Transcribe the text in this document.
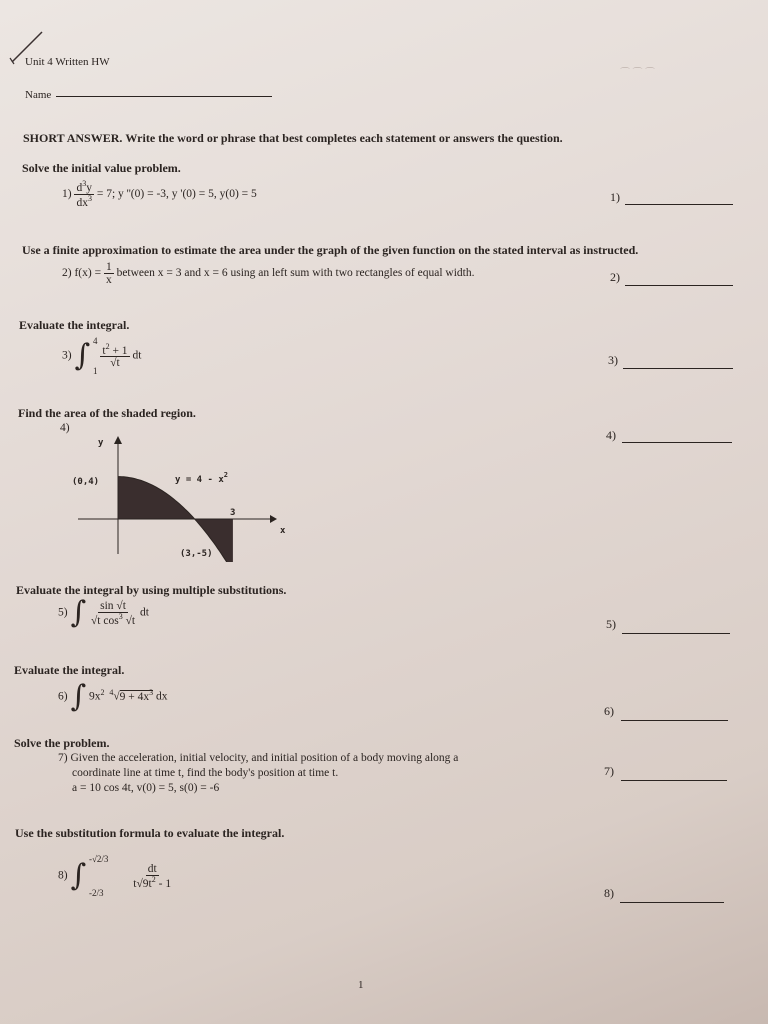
Unit 4 Written HW
Name
⌒ ⌒ ⌒
SHORT ANSWER. Write the word or phrase that best completes each statement or answers the question.
Solve the initial value problem.
$1) \frac{d^3y}{dx^3} = 7$; y ''(0) = -3, y '(0) = 5, y(0) = 5	1)
Use a finite approximation to estimate the area under the graph of the given function on the stated interval as instructed.
2) $f(x) = \frac{1}{x}$ between x = 3 and x = 6 using an left sum with two rectangles of equal width.	2)
Evaluate the integral.
3) ∫ 4
1

$\frac{t^2 + 1}{√t}$ dt	3)
Find the area of the shaded region.
4)	4)
y
x
(0,4)
3
(3,-5)
$y = 4 - x^2$
Evaluate the integral by using multiple substitutions.
5) ∫ $\frac{\sin √t}{√t \cos^3 √t}$ dt
5)
Evaluate the integral.
6) ∫ $9x^2$ $^4√9 + 4x^3$ dx
6)
Solve the problem.
7) Given the acceleration, initial velocity, and initial position of a body moving along a
coordinate line at time t, find the body's position at time t.
a = 10 cos 4t, v(0) = 5, s(0) = -6
7)
Use the substitution formula to evaluate the integral.
8) ∫ -√2/3
-2/3

$\frac{dt}{t√9t^2 - 1}$
8)
1
